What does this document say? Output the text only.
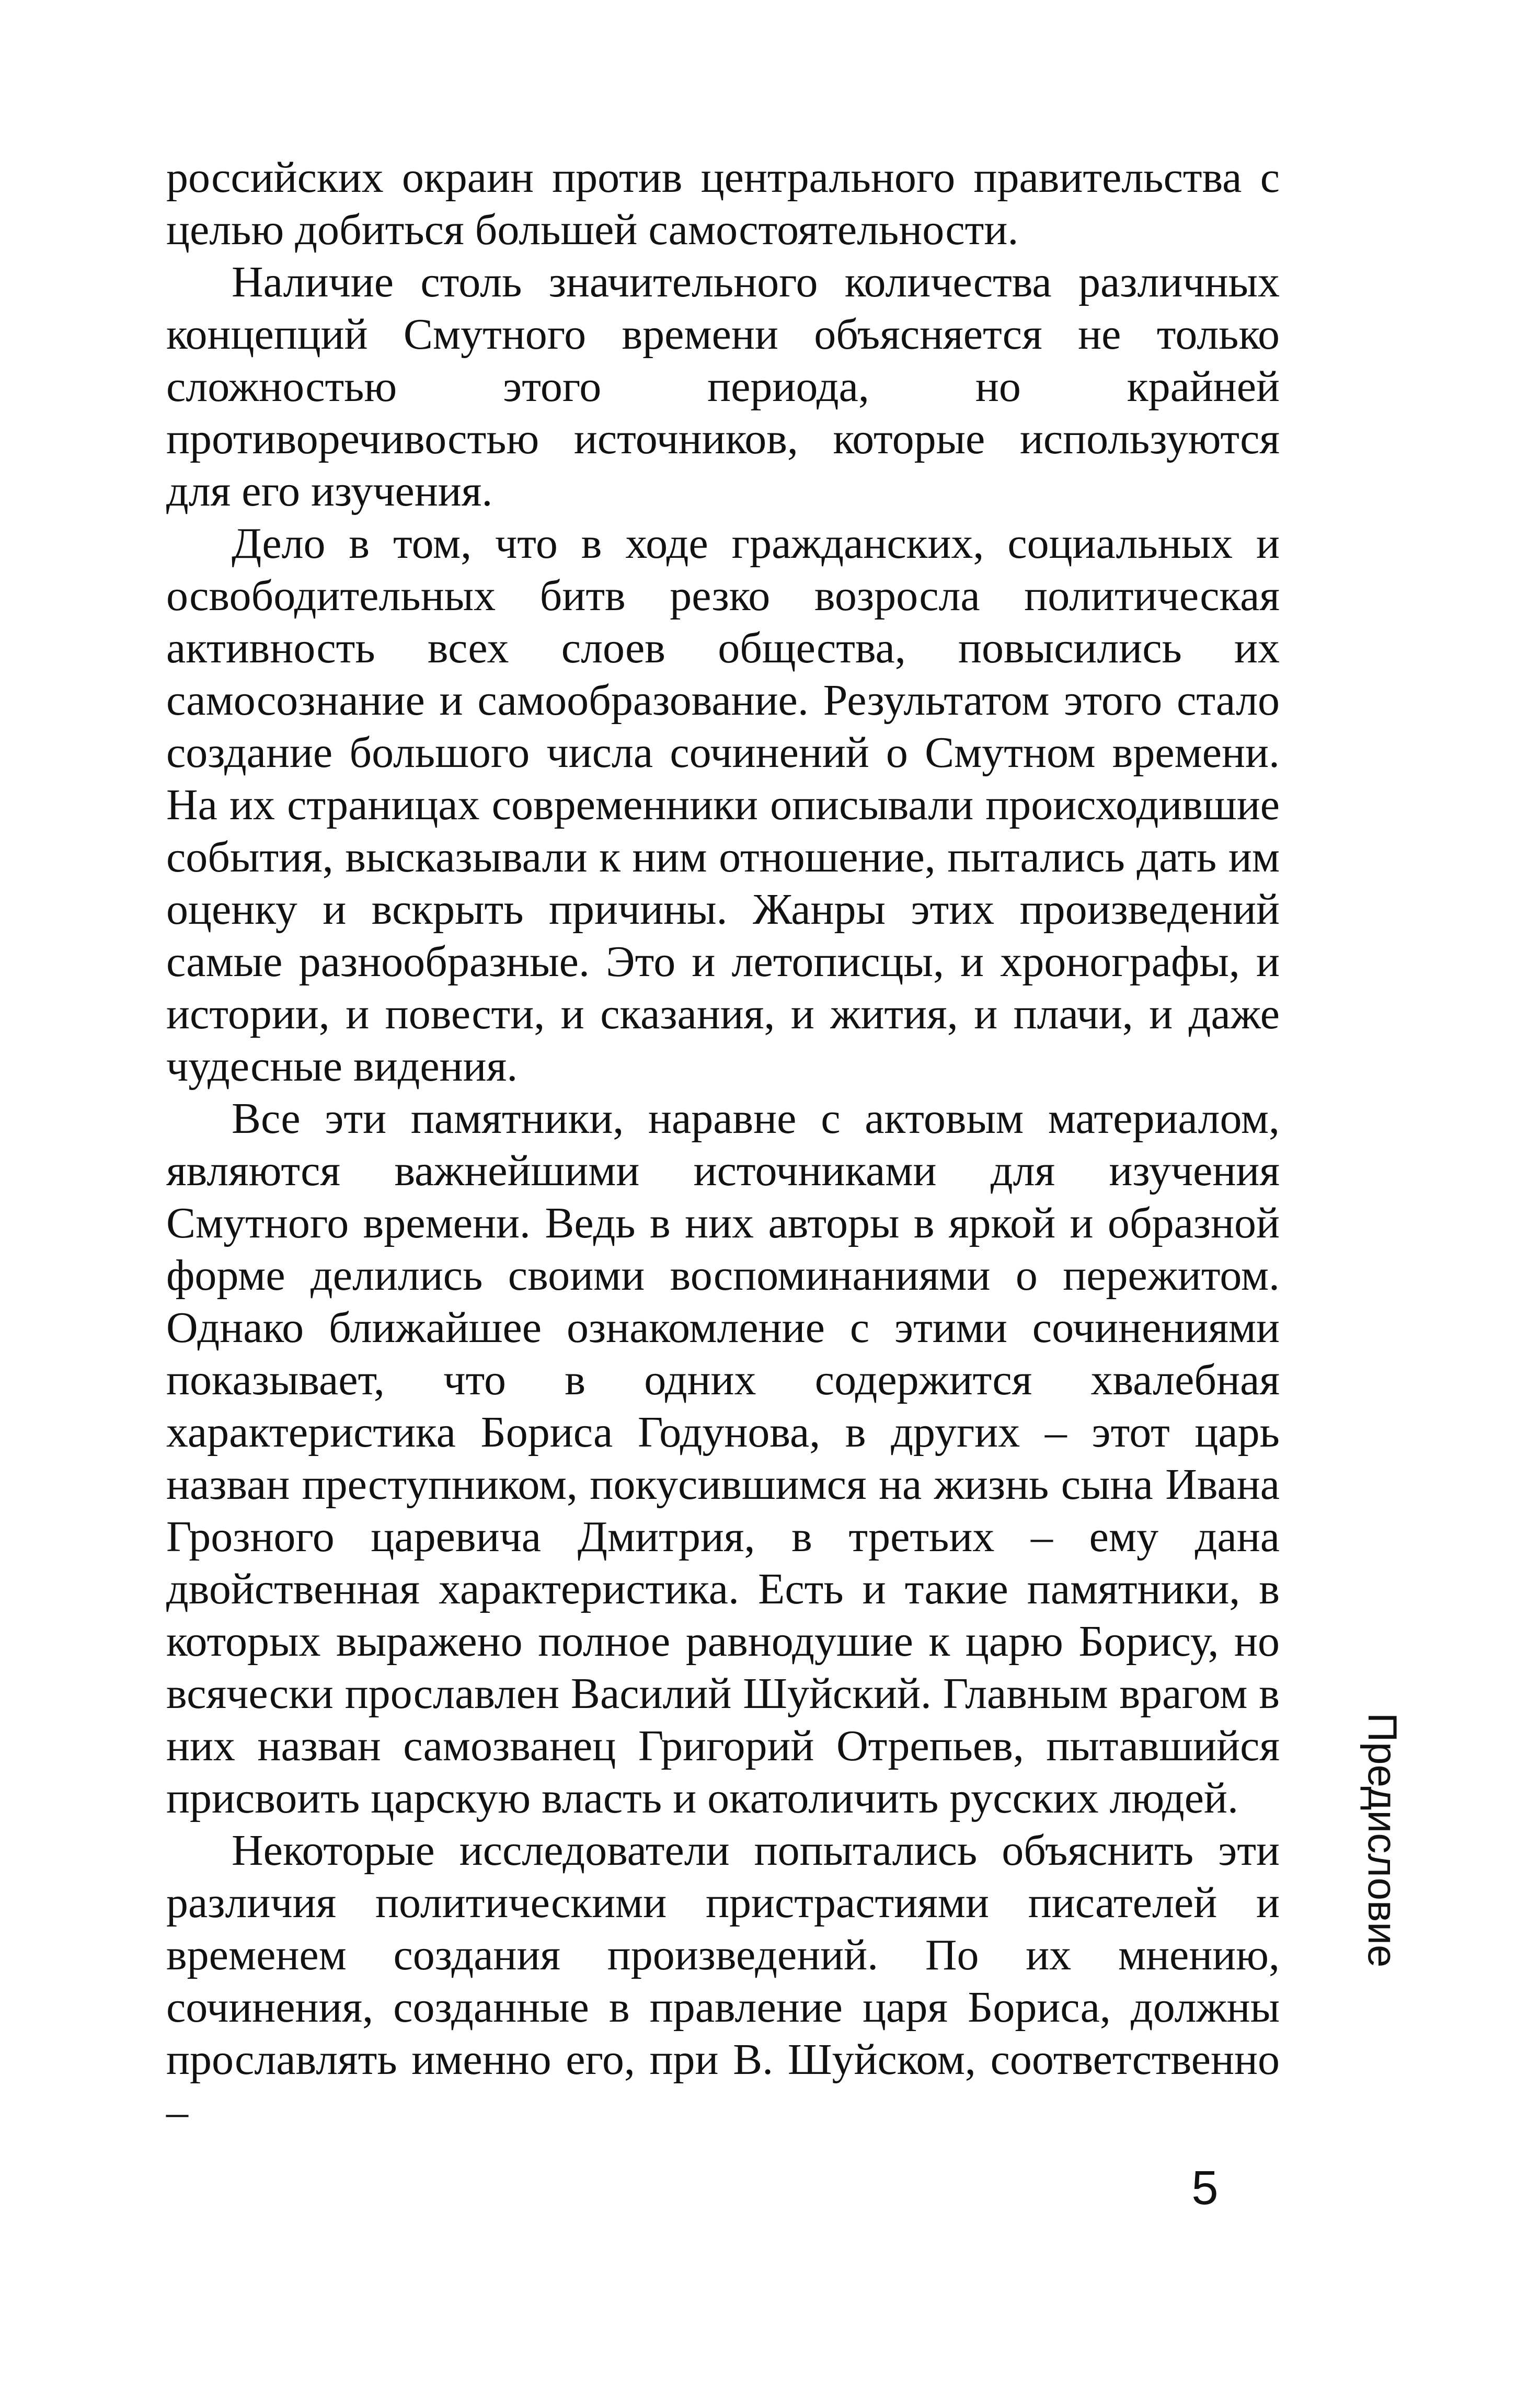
российских окраин против центрального правительства с целью добиться большей самостоятельности.

Наличие столь значительного количества различных концепций Смутного времени объясняется не только сложностью этого периода, но крайней противоречивостью источников, которые используются для его изучения.

Дело в том, что в ходе гражданских, социальных и освободительных битв резко возросла политическая активность всех слоев общества, повысились их самосознание и самообразование. Результатом этого стало создание большого числа сочинений о Смутном времени. На их страницах современники описывали происходившие события, высказывали к ним отношение, пытались дать им оценку и вскрыть причины. Жанры этих произведений самые разнообразные. Это и летописцы, и хронографы, и истории, и повести, и сказания, и жития, и плачи, и даже чудесные видения.

Все эти памятники, наравне с актовым материалом, являются важнейшими источниками для изучения Смутного времени. Ведь в них авторы в яркой и образной форме делились своими воспоминаниями о пережитом. Однако ближайшее ознакомление с этими сочинениями показывает, что в одних содержится хвалебная характеристика Бориса Годунова, в других – этот царь назван преступником, покусившимся на жизнь сына Ивана Грозного царевича Дмитрия, в третьих – ему дана двойственная характеристика. Есть и такие памятники, в которых выражено полное равнодушие к царю Борису, но всячески прославлен Василий Шуйский. Главным врагом в них назван самозванец Григорий Отрепьев, пытавшийся присвоить царскую власть и окатоличить русских людей.

Некоторые исследователи попытались объяснить эти различия политическими пристрастиями писателей и временем создания произведений. По их мнению, сочинения, созданные в правление царя Бориса, должны прославлять именно его, при В. Шуйском, соответственно –

Предисловие
5
